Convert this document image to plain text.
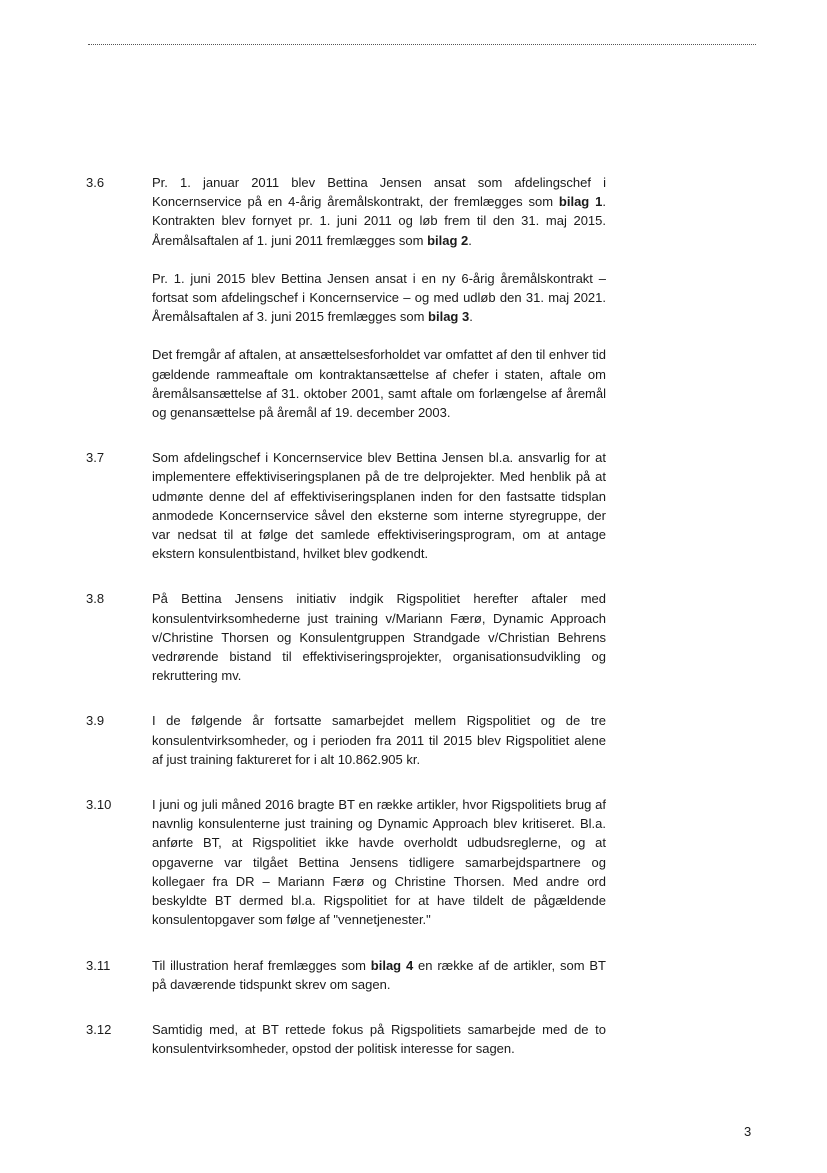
3.6	Pr. 1. januar 2011 blev Bettina Jensen ansat som afdelingschef i Koncernservice på en 4-årig åremålskontrakt, der fremlægges som bilag 1. Kontrakten blev fornyet pr. 1. juni 2011 og løb frem til den 31. maj 2015. Åremålsaftalen af 1. juni 2011 fremlægges som bilag 2.

Pr. 1. juni 2015 blev Bettina Jensen ansat i en ny 6-årig åremålskontrakt – fortsat som afdelingschef i Koncernservice – og med udløb den 31. maj 2021. Åremålsaftalen af 3. juni 2015 fremlægges som bilag 3.

Det fremgår af aftalen, at ansættelsesforholdet var omfattet af den til enhver tid gældende rammeaftale om kontraktansættelse af chefer i staten, aftale om åremålsansættelse af 31. oktober 2001, samt aftale om forlængelse af åremål og genansættelse på åremål af 19. december 2003.

3.7	Som afdelingschef i Koncernservice blev Bettina Jensen bl.a. ansvarlig for at implementere effektiviseringsplanen på de tre delprojekter. Med henblik på at udmønte denne del af effektiviseringsplanen inden for den fastsatte tidsplan anmodede Koncernservice såvel den eksterne som interne styregruppe, der var nedsat til at følge det samlede effektiviseringsprogram, om at antage ekstern konsulentbistand, hvilket blev godkendt.

3.8	På Bettina Jensens initiativ indgik Rigspolitiet herefter aftaler med konsulentvirksomhederne just training v/Mariann Færø, Dynamic Approach v/Christine Thorsen og Konsulentgruppen Strandgade v/Christian Behrens vedrørende bistand til effektiviseringsprojekter, organisationsudvikling og rekruttering mv.

3.9	I de følgende år fortsatte samarbejdet mellem Rigspolitiet og de tre konsulentvirksomheder, og i perioden fra 2011 til 2015 blev Rigspolitiet alene af just training faktureret for i alt 10.862.905 kr.

3.10	I juni og juli måned 2016 bragte BT en række artikler, hvor Rigspolitiets brug af navnlig konsulenterne just training og Dynamic Approach blev kritiseret. Bl.a. anførte BT, at Rigspolitiet ikke havde overholdt udbudsreglerne, og at opgaverne var tilgået Bettina Jensens tidligere samarbejdspartnere og kollegaer fra DR – Mariann Færø og Christine Thorsen. Med andre ord beskyldte BT dermed bl.a. Rigspolitiet for at have tildelt de pågældende konsulentopgaver som følge af "vennetjenester."

3.11	Til illustration heraf fremlægges som bilag 4 en række af de artikler, som BT på daværende tidspunkt skrev om sagen.

3.12	Samtidig med, at BT rettede fokus på Rigspolitiets samarbejde med de to konsulentvirksomheder, opstod der politisk interesse for sagen.

3
